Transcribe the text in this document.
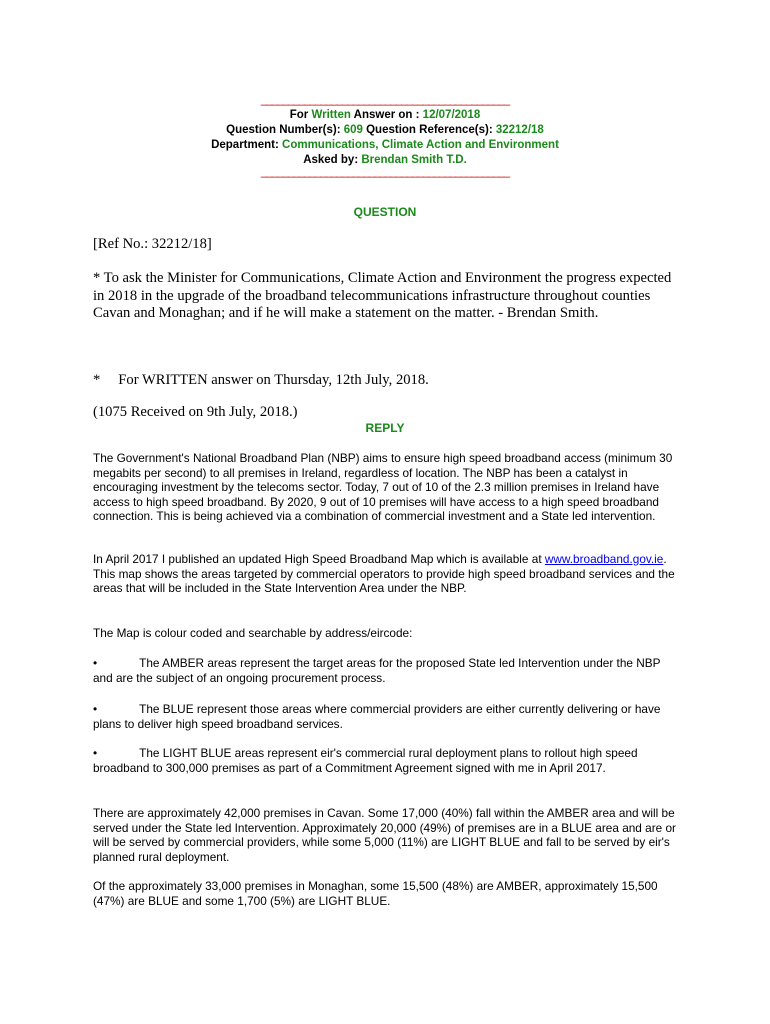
______________________________________________
For Written Answer on : 12/07/2018
Question Number(s): 609 Question Reference(s): 32212/18
Department: Communications, Climate Action and Environment
Asked by: Brendan Smith T.D.
______________________________________________
QUESTION
[Ref No.: 32212/18]
* To ask the Minister for Communications, Climate Action and Environment the progress expected in 2018 in the upgrade of the broadband telecommunications infrastructure throughout counties Cavan and Monaghan; and if he will make a statement on the matter. - Brendan Smith.
* For WRITTEN answer on Thursday, 12th July, 2018.
(1075 Received on 9th July, 2018.)
REPLY
The Government's National Broadband Plan (NBP) aims to ensure high speed broadband access (minimum 30 megabits per second) to all premises in Ireland, regardless of location. The NBP has been a catalyst in encouraging investment by the telecoms sector. Today, 7 out of 10 of the 2.3 million premises in Ireland have access to high speed broadband. By 2020, 9 out of 10 premises will have access to a high speed broadband connection. This is being achieved via a combination of commercial investment and a State led intervention.
In April 2017 I published an updated High Speed Broadband Map which is available at www.broadband.gov.ie. This map shows the areas targeted by commercial operators to provide high speed broadband services and the areas that will be included in the State Intervention Area under the NBP.
The Map is colour coded and searchable by address/eircode:
•	The AMBER areas represent the target areas for the proposed State led Intervention under the NBP and are the subject of an ongoing procurement process.
•	The BLUE represent those areas where commercial providers are either currently delivering or have plans to deliver high speed broadband services.
•	The LIGHT BLUE areas represent eir's commercial rural deployment plans to rollout high speed broadband to 300,000 premises as part of a Commitment Agreement signed with me in April 2017.
There are approximately 42,000 premises in Cavan. Some 17,000 (40%) fall within the AMBER area and will be served under the State led Intervention. Approximately 20,000 (49%) of premises are in a BLUE area and are or will be served by commercial providers, while some 5,000 (11%) are LIGHT BLUE and fall to be served by eir's planned rural deployment.
Of the approximately 33,000 premises in Monaghan, some 15,500 (48%) are AMBER, approximately 15,500 (47%) are BLUE and some 1,700 (5%) are LIGHT BLUE.
